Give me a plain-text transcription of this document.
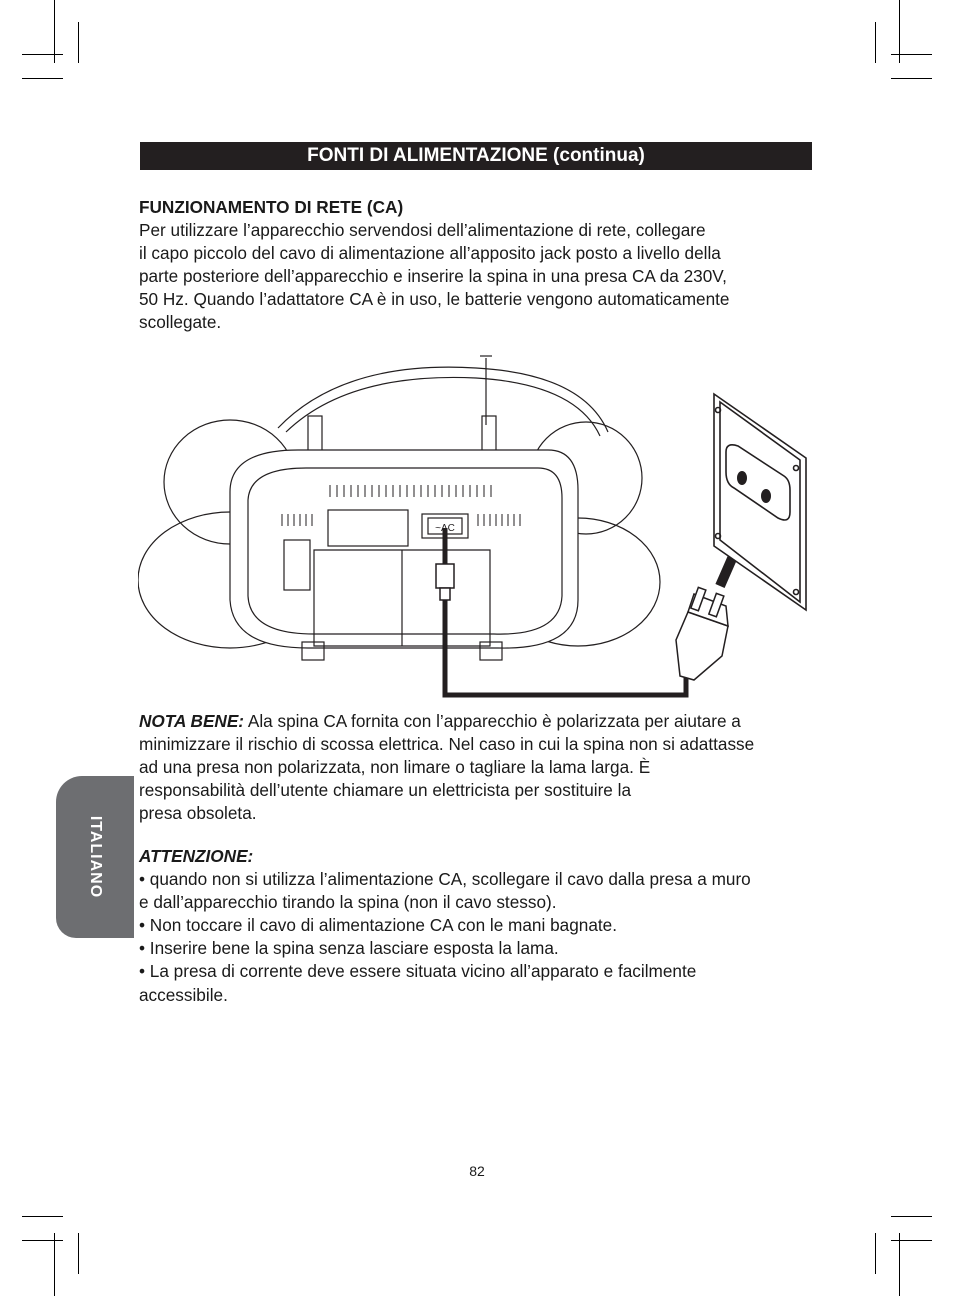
FONTI DI ALIMENTAZIONE (continua)

FUNZIONAMENTO DI RETE (CA)

Per utilizzare l’apparecchio servendosi dell’alimentazione di rete, collegare

il capo piccolo del cavo di alimentazione all’apposito jack posto a livello della

parte posteriore dell’apparecchio e inserire la spina in una presa CA da 230V,

50 Hz. Quando l’adattatore CA è in uso, le batterie vengono automaticamente

scollegate.

~AC

NOTA BENE: Ala spina CA fornita con l’apparecchio è polarizzata per aiutare a

minimizzare il rischio di scossa elettrica. Nel caso in cui la spina non si adattasse

ad una presa non polarizzata, non limare o tagliare la lama larga. È

responsabilità dell’utente chiamare un elettricista per sostituire la

presa obsoleta.

ATTENZIONE:

• quando non si utilizza l’alimentazione CA, scollegare il cavo dalla presa a muro

e dall’apparecchio tirando la spina (non il cavo stesso).

• Non toccare il cavo di alimentazione CA con le mani bagnate.

• Inserire bene la spina senza lasciare esposta la lama.

• La presa di corrente deve essere situata vicino all’apparato e facilmente

accessibile.

ITALIANO
82
